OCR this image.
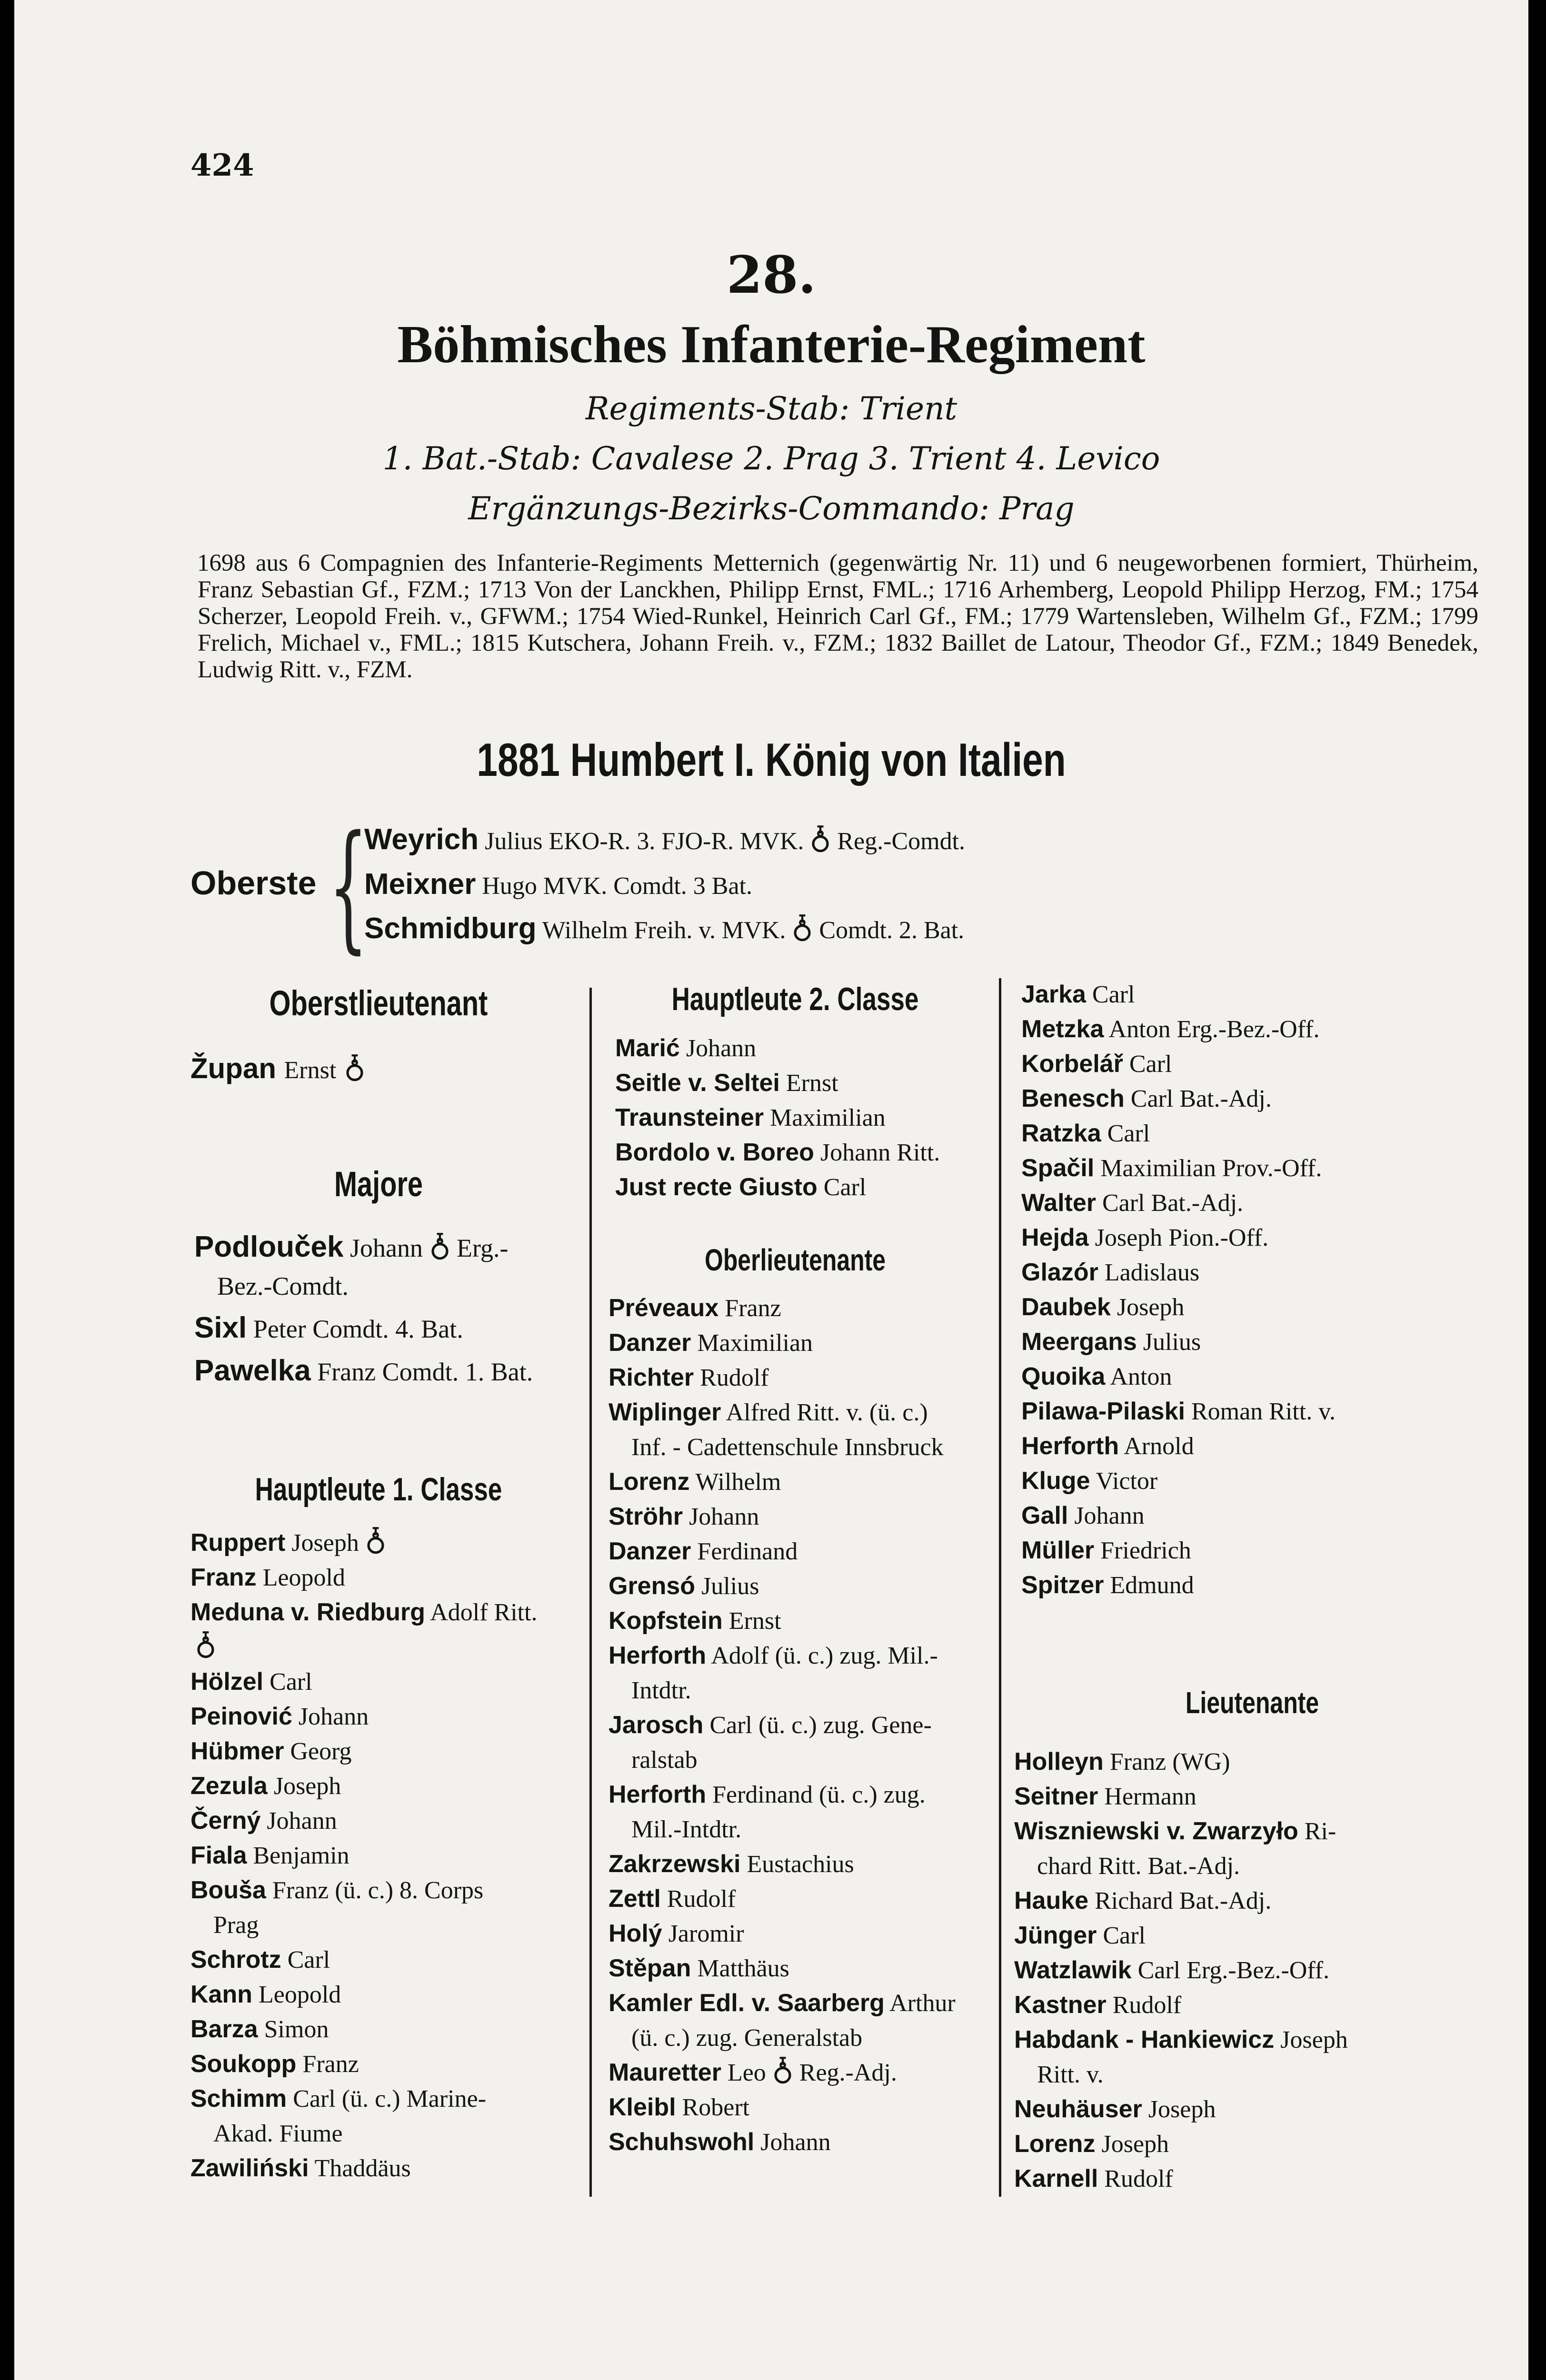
424
28.
Böhmisches Infanterie-Regiment
Regiments-Stab: Trient
1. Bat.-Stab: Cavalese 2. Prag 3. Trient 4. Levico
Ergänzungs-Bezirks-Commando: Prag

1698 aus 6 Compagnien des Infanterie-Regiments Metternich (gegenwärtig Nr. 11) und 6 neugeworbenen formiert, Thürheim, Franz Sebastian Gf., FZM.; 1713 Von der Lanckhen, Philipp Ernst, FML.; 1716 Arhemberg, Leopold Philipp Herzog, FM.; 1754 Scherzer, Leopold Freih. v., GFWM.; 1754 Wied-Runkel, Heinrich Carl Gf., FM.; 1779 Wartensleben, Wilhelm Gf., FZM.; 1799 Frelich, Michael v., FML.; 1815 Kutschera, Johann Freih. v., FZM.; 1832 Baillet de Latour, Theodor Gf., FZM.; 1849 Benedek, Ludwig Ritt. v., FZM.

1881 Humbert I. König von Italien
Oberste {
Weyrich Julius EKO-R. 3. FJO-R. MVK. Reg.-Comdt.
Meixner Hugo MVK. Comdt. 3 Bat.
Schmidburg Wilhelm Freih. v. MVK. Comdt. 2. Bat.
Oberstlieutenant
Župan Ernst
Majore
Podlouček Johann Erg.-
Bez.-Comdt.
Sixl Peter Comdt. 4. Bat.
Pawelka Franz Comdt. 1. Bat.
Hauptleute 1. Classe
Ruppert Joseph
Franz Leopold
Meduna v. Riedburg Adolf Ritt.
Hölzel Carl
Peinović Johann
Hübmer Georg
Zezula Joseph
Černý Johann
Fiala Benjamin
Bouša Franz (ü. c.) 8. Corps
Prag
Schrotz Carl
Kann Leopold
Barza Simon
Soukopp Franz
Schimm Carl (ü. c.) Marine-
Akad. Fiume
Zawiliński Thaddäus
Hauptleute 2. Classe
Marić Johann
Seitle v. Seltei Ernst
Traunsteiner Maximilian
Bordolo v. Boreo Johann Ritt.
Just recte Giusto Carl
Oberlieutenante
Préveaux Franz
Danzer Maximilian
Richter Rudolf
Wiplinger Alfred Ritt. v. (ü. c.)
Inf. - Cadettenschule Innsbruck
Lorenz Wilhelm
Ströhr Johann
Danzer Ferdinand
Grensó Julius
Kopfstein Ernst
Herforth Adolf (ü. c.) zug. Mil.-
Intdtr.
Jarosch Carl (ü. c.) zug. Gene-
ralstab
Herforth Ferdinand (ü. c.) zug.
Mil.-Intdtr.
Zakrzewski Eustachius
Zettl Rudolf
Holý Jaromir
Stěpan Matthäus
Kamler Edl. v. Saarberg Arthur
(ü. c.) zug. Generalstab
Mauretter Leo Reg.-Adj.
Kleibl Robert
Schuhswohl Johann
Jarka Carl
Metzka Anton Erg.-Bez.-Off.
Korbelář Carl
Benesch Carl Bat.-Adj.
Ratzka Carl
Spačil Maximilian Prov.-Off.
Walter Carl Bat.-Adj.
Hejda Joseph Pion.-Off.
Glazór Ladislaus
Daubek Joseph
Meergans Julius
Quoika Anton
Pilawa-Pilaski Roman Ritt. v.
Herforth Arnold
Kluge Victor
Gall Johann
Müller Friedrich
Spitzer Edmund
Lieutenante
Holleyn Franz (WG)
Seitner Hermann
Wiszniewski v. Zwarzyło Ri-
chard Ritt. Bat.-Adj.
Hauke Richard Bat.-Adj.
Jünger Carl
Watzlawik Carl Erg.-Bez.-Off.
Kastner Rudolf
Habdank - Hankiewicz Joseph
Ritt. v.
Neuhäuser Joseph
Lorenz Joseph
Karnell Rudolf
